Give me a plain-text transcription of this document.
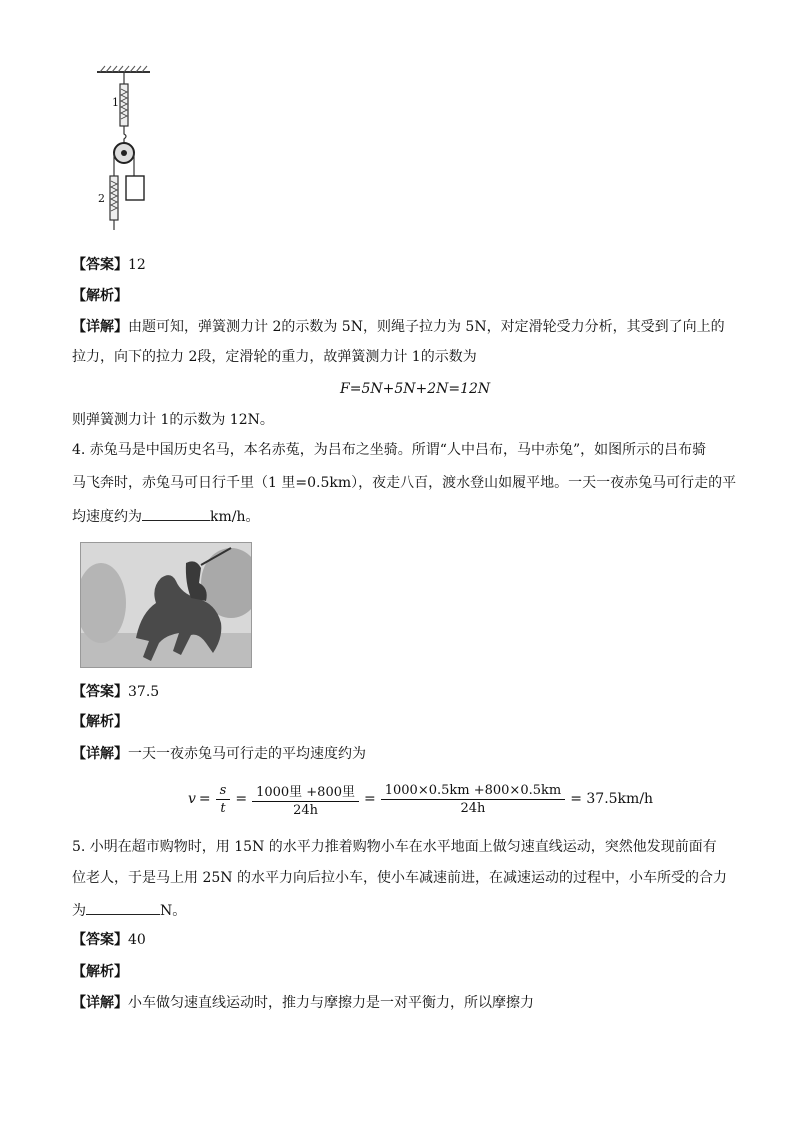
1
2
【答案】12
【解析】
【详解】由题可知，弹簧测力计 2的示数为 5N，则绳子拉力为 5N，对定滑轮受力分析，其受到了向上的
拉力，向下的拉力 2段，定滑轮的重力，故弹簧测力计 1的示数为
F=5N+5N+2N=12N
则弹簧测力计 1的示数为 12N。
4. 赤兔马是中国历史名马，本名赤菟，为吕布之坐骑。所谓“人中吕布，马中赤兔”，如图所示的吕布骑
马飞奔时，赤兔马可日行千里（1 里=0.5km），夜走八百，渡水登山如履平地。一天一夜赤兔马可行走的平
均速度约为	km/h。
【答案】37.5
【解析】
【详解】一天一夜赤兔马可行走的平均速度约为
$v = \frac{s}{t} = \frac{\text{1000里 +800里}}{24h} = \frac{1000\times 0.5km +800\times 0.5km}{24h} = 37.5km/h$
5. 小明在超市购物时，用 15N 的水平力推着购物小车在水平地面上做匀速直线运动，突然他发现前面有
位老人，于是马上用 25N 的水平力向后拉小车，使小车减速前进，在减速运动的过程中，小车所受的合力
为	N。
【答案】40
【解析】
【详解】小车做匀速直线运动时，推力与摩擦力是一对平衡力，所以摩擦力
